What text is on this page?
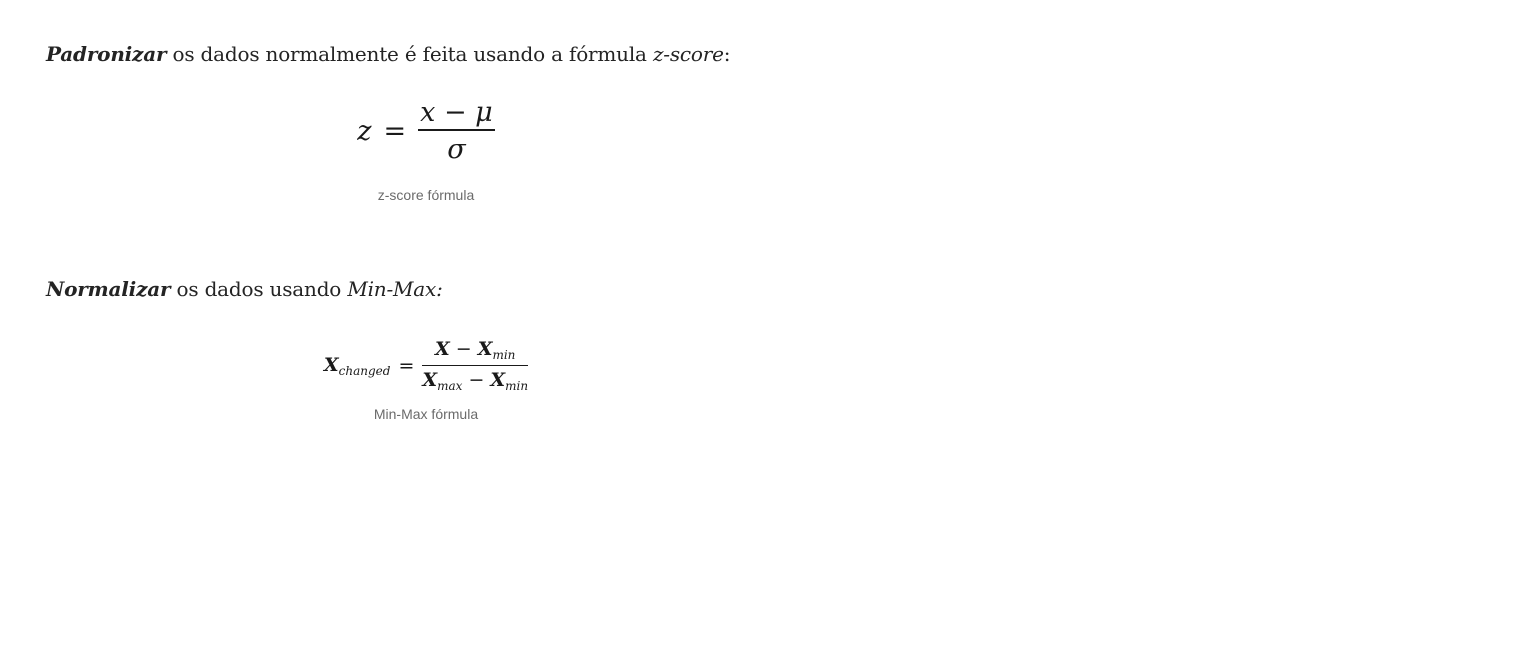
Padronizar os dados normalmente é feita usando a fórmula z-score:

$z = \frac{x - \mu}{\sigma}$
z-score fórmula

Normalizar os dados usando Min-Max:

$X_{changed} = \frac{X - X_{min}}{X_{max} - X_{min}}$
Min-Max fórmula
